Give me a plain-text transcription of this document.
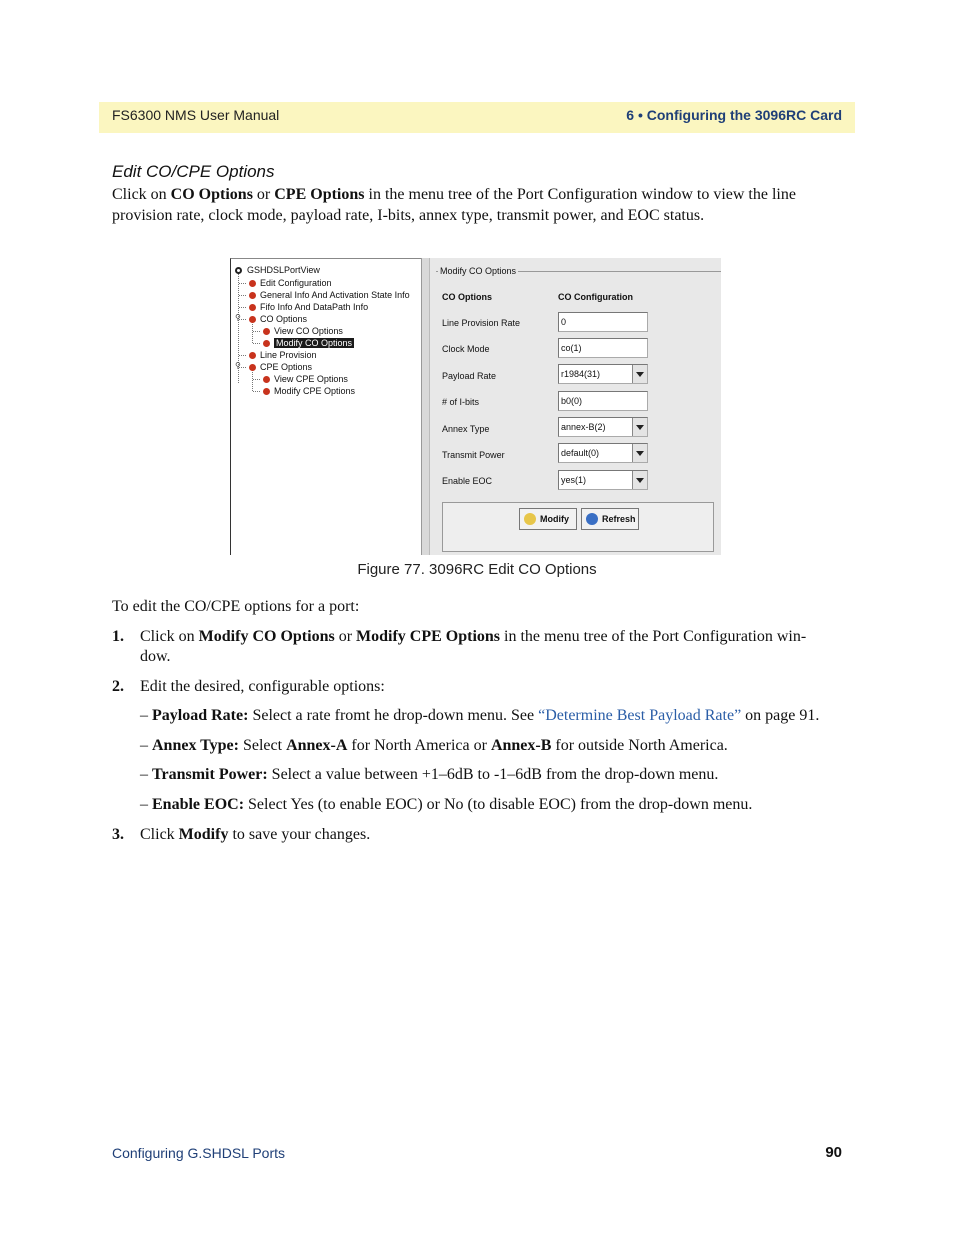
FS6300 NMS User Manual	6 • Configuring the 3096RC Card
Edit CO/CPE Options
Click on CO Options or CPE Options in the menu tree of the Port Configuration window to view the line provision rate, clock mode, payload rate, I-bits, annex type, transmit power, and EOC status.
⚲
⚲
GSHDSLPortView
Edit Configuration
General Info And Activation State Info
Fifo Info And DataPath Info
CO Options
View CO Options
Modify CO Options
Line Provision
CPE Options
View CPE Options
Modify CPE Options
Modify CO Options
CO Options	CO Configuration
Line Provision Rate	0
Clock Mode	co(1)
Payload Rate	r1984(31)
# of I-bits	b0(0)
Annex Type	annex-B(2)
Transmit Power	default(0)
Enable EOC	yes(1)
Modify	Refresh
Figure 77. 3096RC Edit CO Options
To edit the CO/CPE options for a port:
1. Click on Modify CO Options or Modify CPE Options in the menu tree of the Port Configuration win-
dow.
2. Edit the desired, configurable options:
– Payload Rate: Select a rate fromt he drop-down menu. See “Determine Best Payload Rate” on page 91.
– Annex Type: Select Annex-A for North America or Annex-B for outside North America.
– Transmit Power: Select a value between +1–6dB to -1–6dB from the drop-down menu.
– Enable EOC: Select Yes (to enable EOC) or No (to disable EOC) from the drop-down menu.
3. Click Modify to save your changes.
Configuring G.SHDSL Ports	90
